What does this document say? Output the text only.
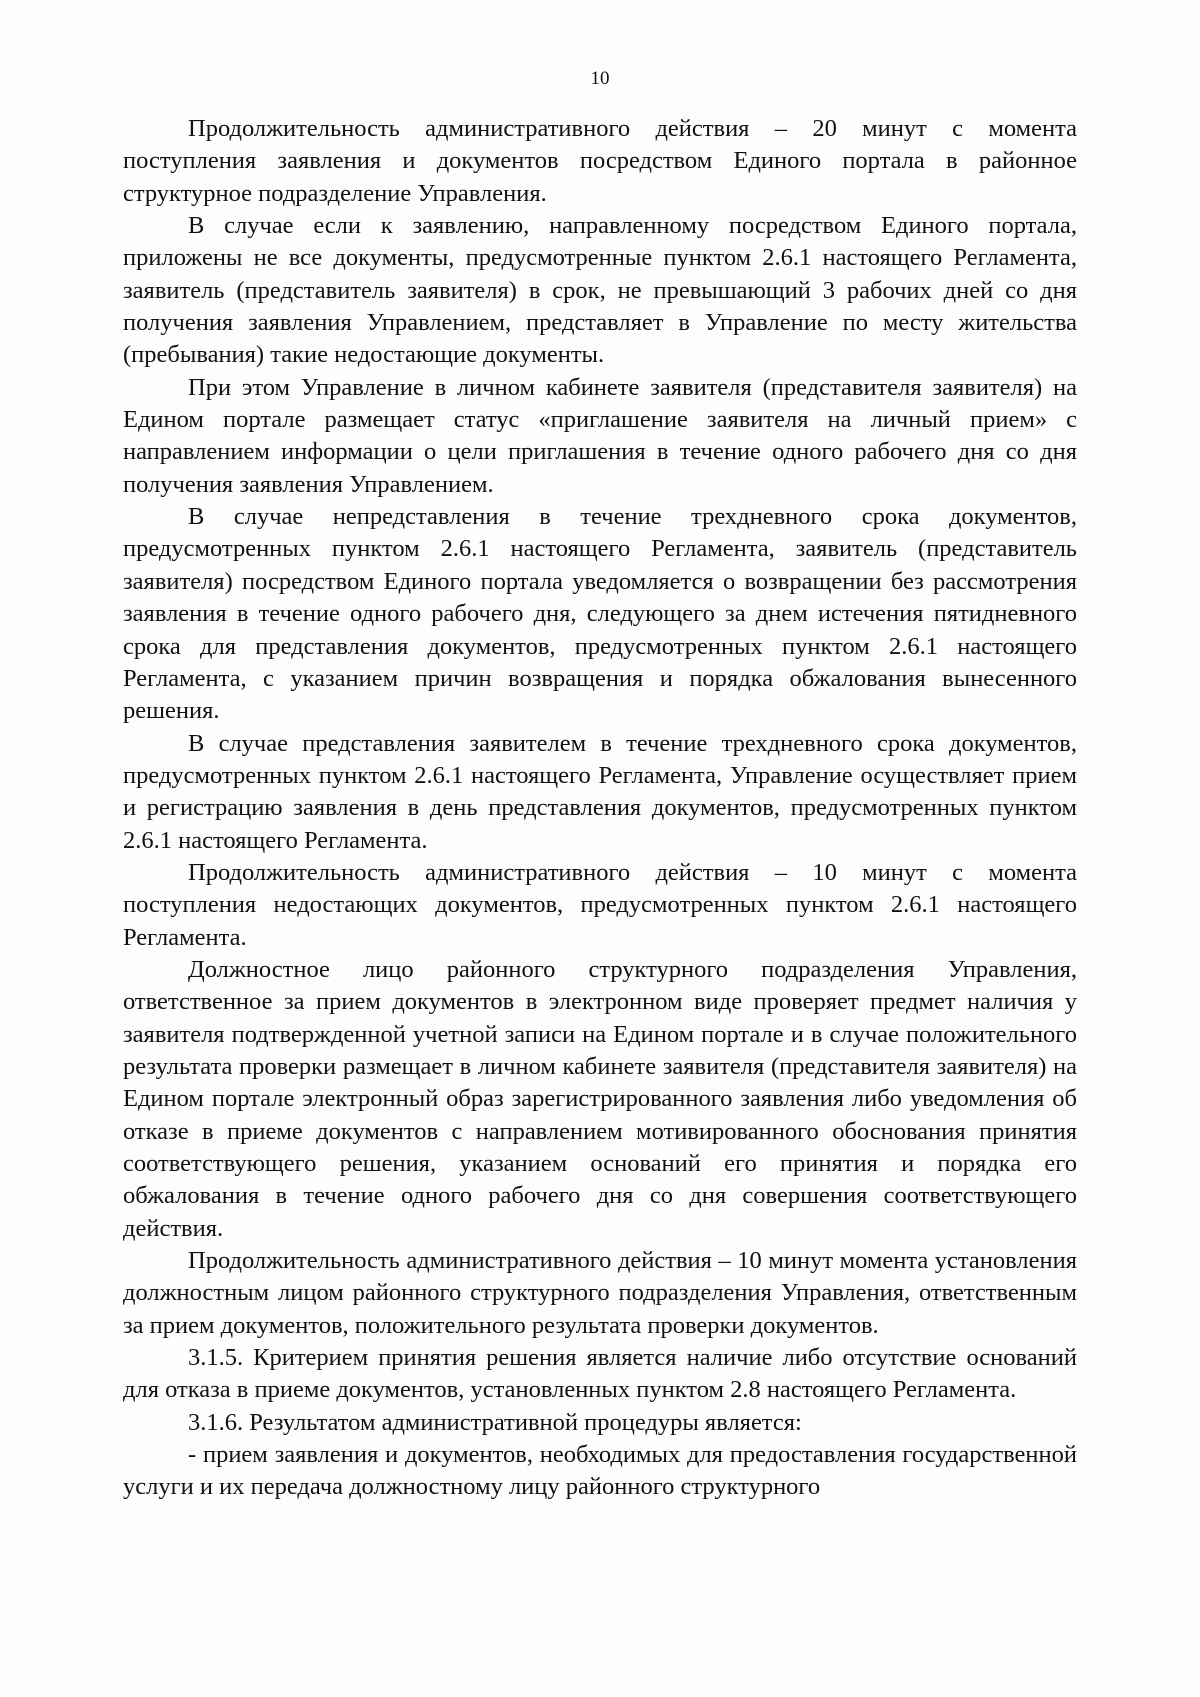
10

Продолжительность административного действия – 20 минут с момента поступления заявления и документов посредством Единого портала в районное структурное подразделение Управления.

В случае если к заявлению, направленному посредством Единого портала, приложены не все документы, предусмотренные пунктом 2.6.1 настоящего Регламента, заявитель (представитель заявителя) в срок, не превышающий 3 рабочих дней со дня получения заявления Управлением, представляет в Управление по месту жительства (пребывания) такие недостающие документы.

При этом Управление в личном кабинете заявителя (представителя заявителя) на Едином портале размещает статус «приглашение заявителя на личный прием» с направлением информации о цели приглашения в течение одного рабочего дня со дня получения заявления Управлением.

В случае непредставления в течение трехдневного срока документов, предусмотренных пунктом 2.6.1 настоящего Регламента, заявитель (представитель заявителя) посредством Единого портала уведомляется о возвращении без рассмотрения заявления в течение одного рабочего дня, следующего за днем истечения пятидневного срока для представления документов, предусмотренных пунктом 2.6.1 настоящего Регламента, с указанием причин возвращения и порядка обжалования вынесенного решения.

В случае представления заявителем в течение трехдневного срока документов, предусмотренных пунктом 2.6.1 настоящего Регламента, Управление осуществляет прием и регистрацию заявления в день представления документов, предусмотренных пунктом 2.6.1 настоящего Регламента.

Продолжительность административного действия – 10 минут с момента поступления недостающих документов, предусмотренных пунктом 2.6.1 настоящего Регламента.

Должностное лицо районного структурного подразделения Управления, ответственное за прием документов в электронном виде проверяет предмет наличия у заявителя подтвержденной учетной записи на Едином портале и в случае положительного результата проверки размещает в личном кабинете заявителя (представителя заявителя) на Едином портале электронный образ зарегистрированного заявления либо уведомления об отказе в приеме документов с направлением мотивированного обоснования принятия соответствующего решения, указанием оснований его принятия и порядка его обжалования в течение одного рабочего дня со дня совершения соответствующего действия.

Продолжительность административного действия – 10 минут момента установления должностным лицом районного структурного подразделения Управления, ответственным за прием документов, положительного результата проверки документов.

3.1.5. Критерием принятия решения является наличие либо отсутствие оснований для отказа в приеме документов, установленных пунктом 2.8 настоящего Регламента.

3.1.6. Результатом административной процедуры является:

- прием заявления и документов, необходимых для предоставления государственной услуги и их передача должностному лицу районного структурного
